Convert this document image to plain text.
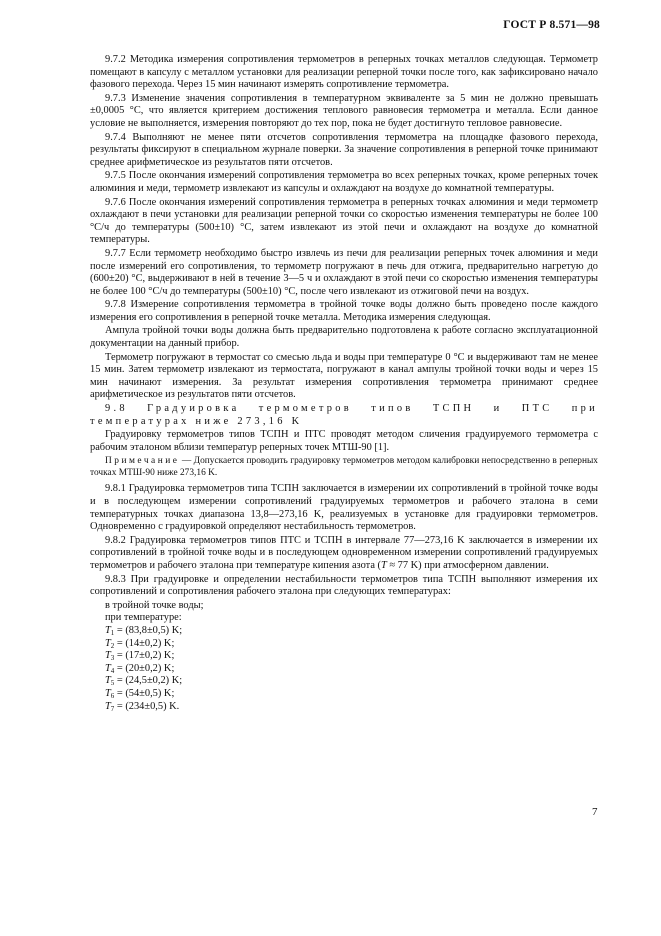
ГОСТ Р 8.571—98

9.7.2 Методика измерения сопротивления термометров в реперных точках металлов следующая. Термометр помещают в капсулу с металлом установки для реализации реперной точки после того, как зафиксировано начало фазового перехода. Через 15 мин начинают измерять сопротивление термометра.

9.7.3 Изменение значения сопротивления в температурном эквиваленте за 5 мин не должно превышать ±0,0005 °С, что является критерием достижения теплового равновесия термометра и металла. Если данное условие не выполняется, измерения повторяют до тех пор, пока не будет достигнуто тепловое равновесие.

9.7.4 Выполняют не менее пяти отсчетов сопротивления термометра на площадке фазового перехода, результаты фиксируют в специальном журнале поверки. За значение сопротивления в реперной точке принимают среднее арифметическое из результатов пяти отсчетов.

9.7.5 После окончания измерений сопротивления термометра во всех реперных точках, кроме реперных точек алюминия и меди, термометр извлекают из капсулы и охлаждают на воздухе до комнатной температуры.

9.7.6 После окончания измерений сопротивления термометра в реперных точках алюминия и меди термометр охлаждают в печи установки для реализации реперной точки со скоростью изменения температуры не более 100 °С/ч до температуры (500±10) °С, затем извлекают из этой печи и охлаждают на воздухе до комнатной температуры.

9.7.7 Если термометр необходимо быстро извлечь из печи для реализации реперных точек алюминия и меди после измерений его сопротивления, то термометр погружают в печь для отжига, предварительно нагретую до (600±20) °С, выдерживают в ней в течение 3—5 ч и охлаждают в этой печи со скоростью изменения температуры не более 100 °С/ч до температуры (500±10) °С, после чего извлекают из отжиговой печи на воздух.

9.7.8 Измерение сопротивления термометра в тройной точке воды должно быть проведено после каждого измерения его сопротивления в реперной точке металла. Методика измерения следующая.

Ампула тройной точки воды должна быть предварительно подготовлена к работе согласно эксплуатационной документации на данный прибор.

Термометр погружают в термостат со смесью льда и воды при температуре 0 °С и выдерживают там не менее 15 мин. Затем термометр извлекают из термостата, погружают в канал ампулы тройной точки воды и через 15 мин начинают измерения. За результат измерения сопротивления термометра принимают среднее арифметическое из результатов пяти отсчетов.

9.8 Градуировка термометров типов ТСПН и ПТС при температурах ниже 273,16 K

Градуировку термометров типов ТСПН и ПТС проводят методом сличения градуируемого термометра с рабочим эталоном вблизи температур реперных точек МТШ-90 [1].

Примечание — Допускается проводить градуировку термометров методом калибровки непосредственно в реперных точках МТШ-90 ниже 273,16 K.

9.8.1 Градуировка термометров типа ТСПН заключается в измерении их сопротивлений в тройной точке воды и в последующем измерении сопротивлений градуируемых термометров и рабочего эталона в семи температурных точках диапазона 13,8—273,16 K, реализуемых в установке для градуировки термометров. Одновременно с градуировкой определяют нестабильность термометров.

9.8.2 Градуировка термометров типов ПТС и ТСПН в интервале 77—273,16 K заключается в измерении их сопротивлений в тройной точке воды и в последующем одновременном измерении сопротивлений градуируемых термометров и рабочего эталона при температуре кипения азота (T ≈ 77 K) при атмосферном давлении.

9.8.3 При градуировке и определении нестабильности термометров типа ТСПН выполняют измерения их сопротивлений и сопротивления рабочего эталона при следующих температурах:

в тройной точке воды;
при температуре:
$T_1 = (83,8\pm 0,5)$ K;
$T_2 = (14\pm 0,2)$ K;
$T_3 = (17\pm 0,2)$ K;
$T_4 = (20\pm 0,2)$ K;
$T_5 = (24,5\pm 0,2)$ K;
$T_6 = (54\pm 0,5)$ K;
$T_7 = (234\pm 0,5)$ K.
7
